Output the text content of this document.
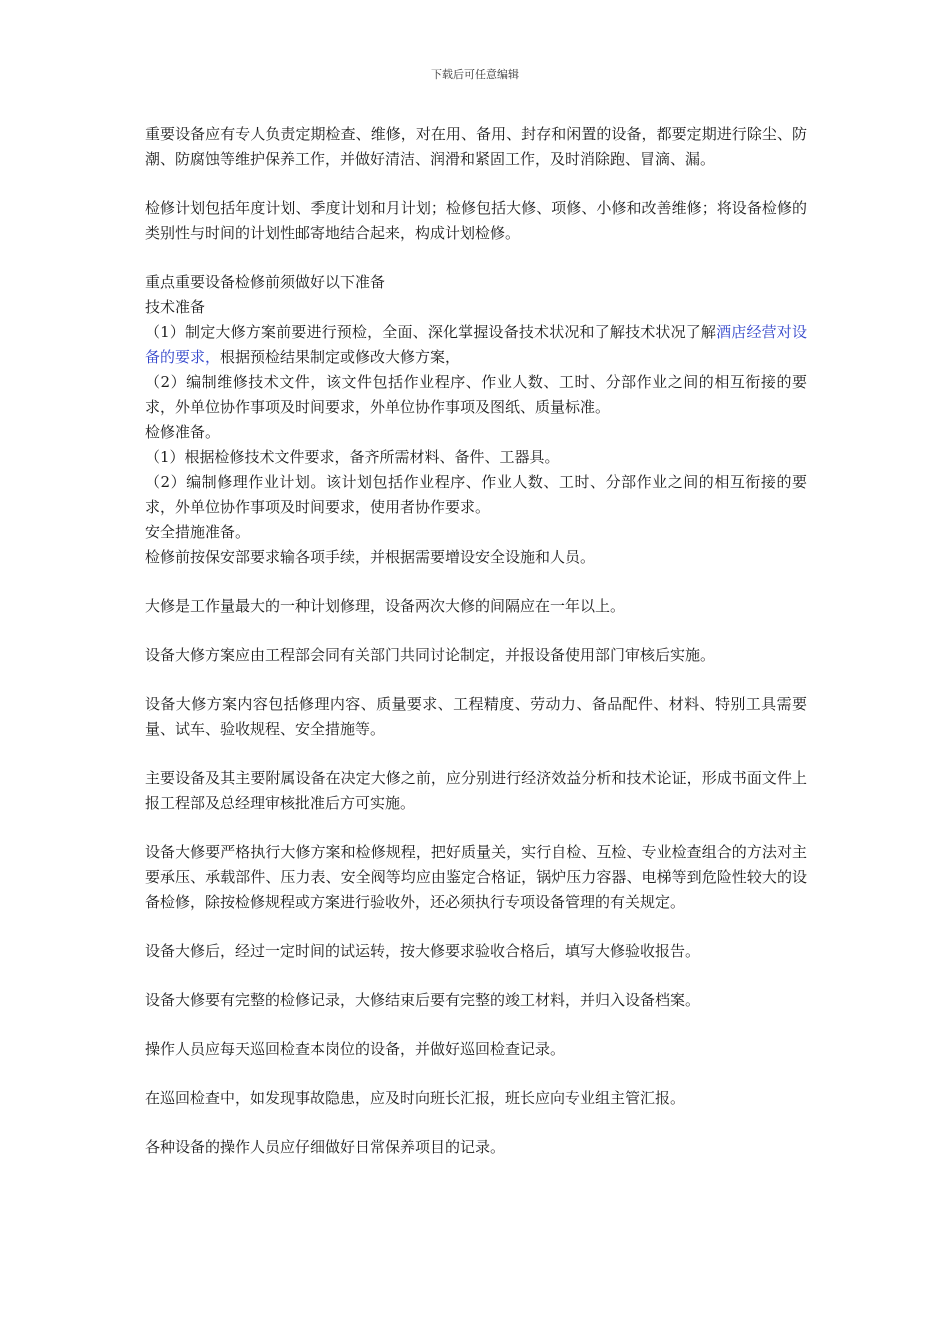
下载后可任意编辑

重要设备应有专人负责定期检查、维修，对在用、备用、封存和闲置的设备，都要定期进行除尘、防潮、防腐蚀等维护保养工作，并做好清洁、润滑和紧固工作，及时消除跑、冒滴、漏。

检修计划包括年度计划、季度计划和月计划；检修包括大修、项修、小修和改善维修；将设备检修的类别性与时间的计划性邮寄地结合起来，构成计划检修。

重点重要设备检修前须做好以下准备

技术准备

（1）制定大修方案前要进行预检，全面、深化掌握设备技术状况和了解技术状况了解酒店经营对设备的要求，根据预检结果制定或修改大修方案，

（2）编制维修技术文件，该文件包括作业程序、作业人数、工时、分部作业之间的相互衔接的要求，外单位协作事项及时间要求，外单位协作事项及图纸、质量标准。

检修准备。

（1）根据检修技术文件要求，备齐所需材料、备件、工器具。

（2）编制修理作业计划。该计划包括作业程序、作业人数、工时、分部作业之间的相互衔接的要求，外单位协作事项及时间要求，使用者协作要求。

安全措施准备。

检修前按保安部要求输各项手续，并根据需要增设安全设施和人员。

大修是工作量最大的一种计划修理，设备两次大修的间隔应在一年以上。

设备大修方案应由工程部会同有关部门共同讨论制定，并报设备使用部门审核后实施。

设备大修方案内容包括修理内容、质量要求、工程精度、劳动力、备品配件、材料、特别工具需要量、试车、验收规程、安全措施等。

主要设备及其主要附属设备在决定大修之前，应分别进行经济效益分析和技术论证，形成书面文件上报工程部及总经理审核批准后方可实施。

设备大修要严格执行大修方案和检修规程，把好质量关，实行自检、互检、专业检查组合的方法对主要承压、承载部件、压力表、安全阀等均应由鉴定合格证，锅炉压力容器、电梯等到危险性较大的设备检修，除按检修规程或方案进行验收外，还必须执行专项设备管理的有关规定。

设备大修后，经过一定时间的试运转，按大修要求验收合格后，填写大修验收报告。

设备大修要有完整的检修记录，大修结束后要有完整的竣工材料，并归入设备档案。

操作人员应每天巡回检查本岗位的设备，并做好巡回检查记录。

在巡回检查中，如发现事故隐患，应及时向班长汇报，班长应向专业组主管汇报。

各种设备的操作人员应仔细做好日常保养项目的记录。
